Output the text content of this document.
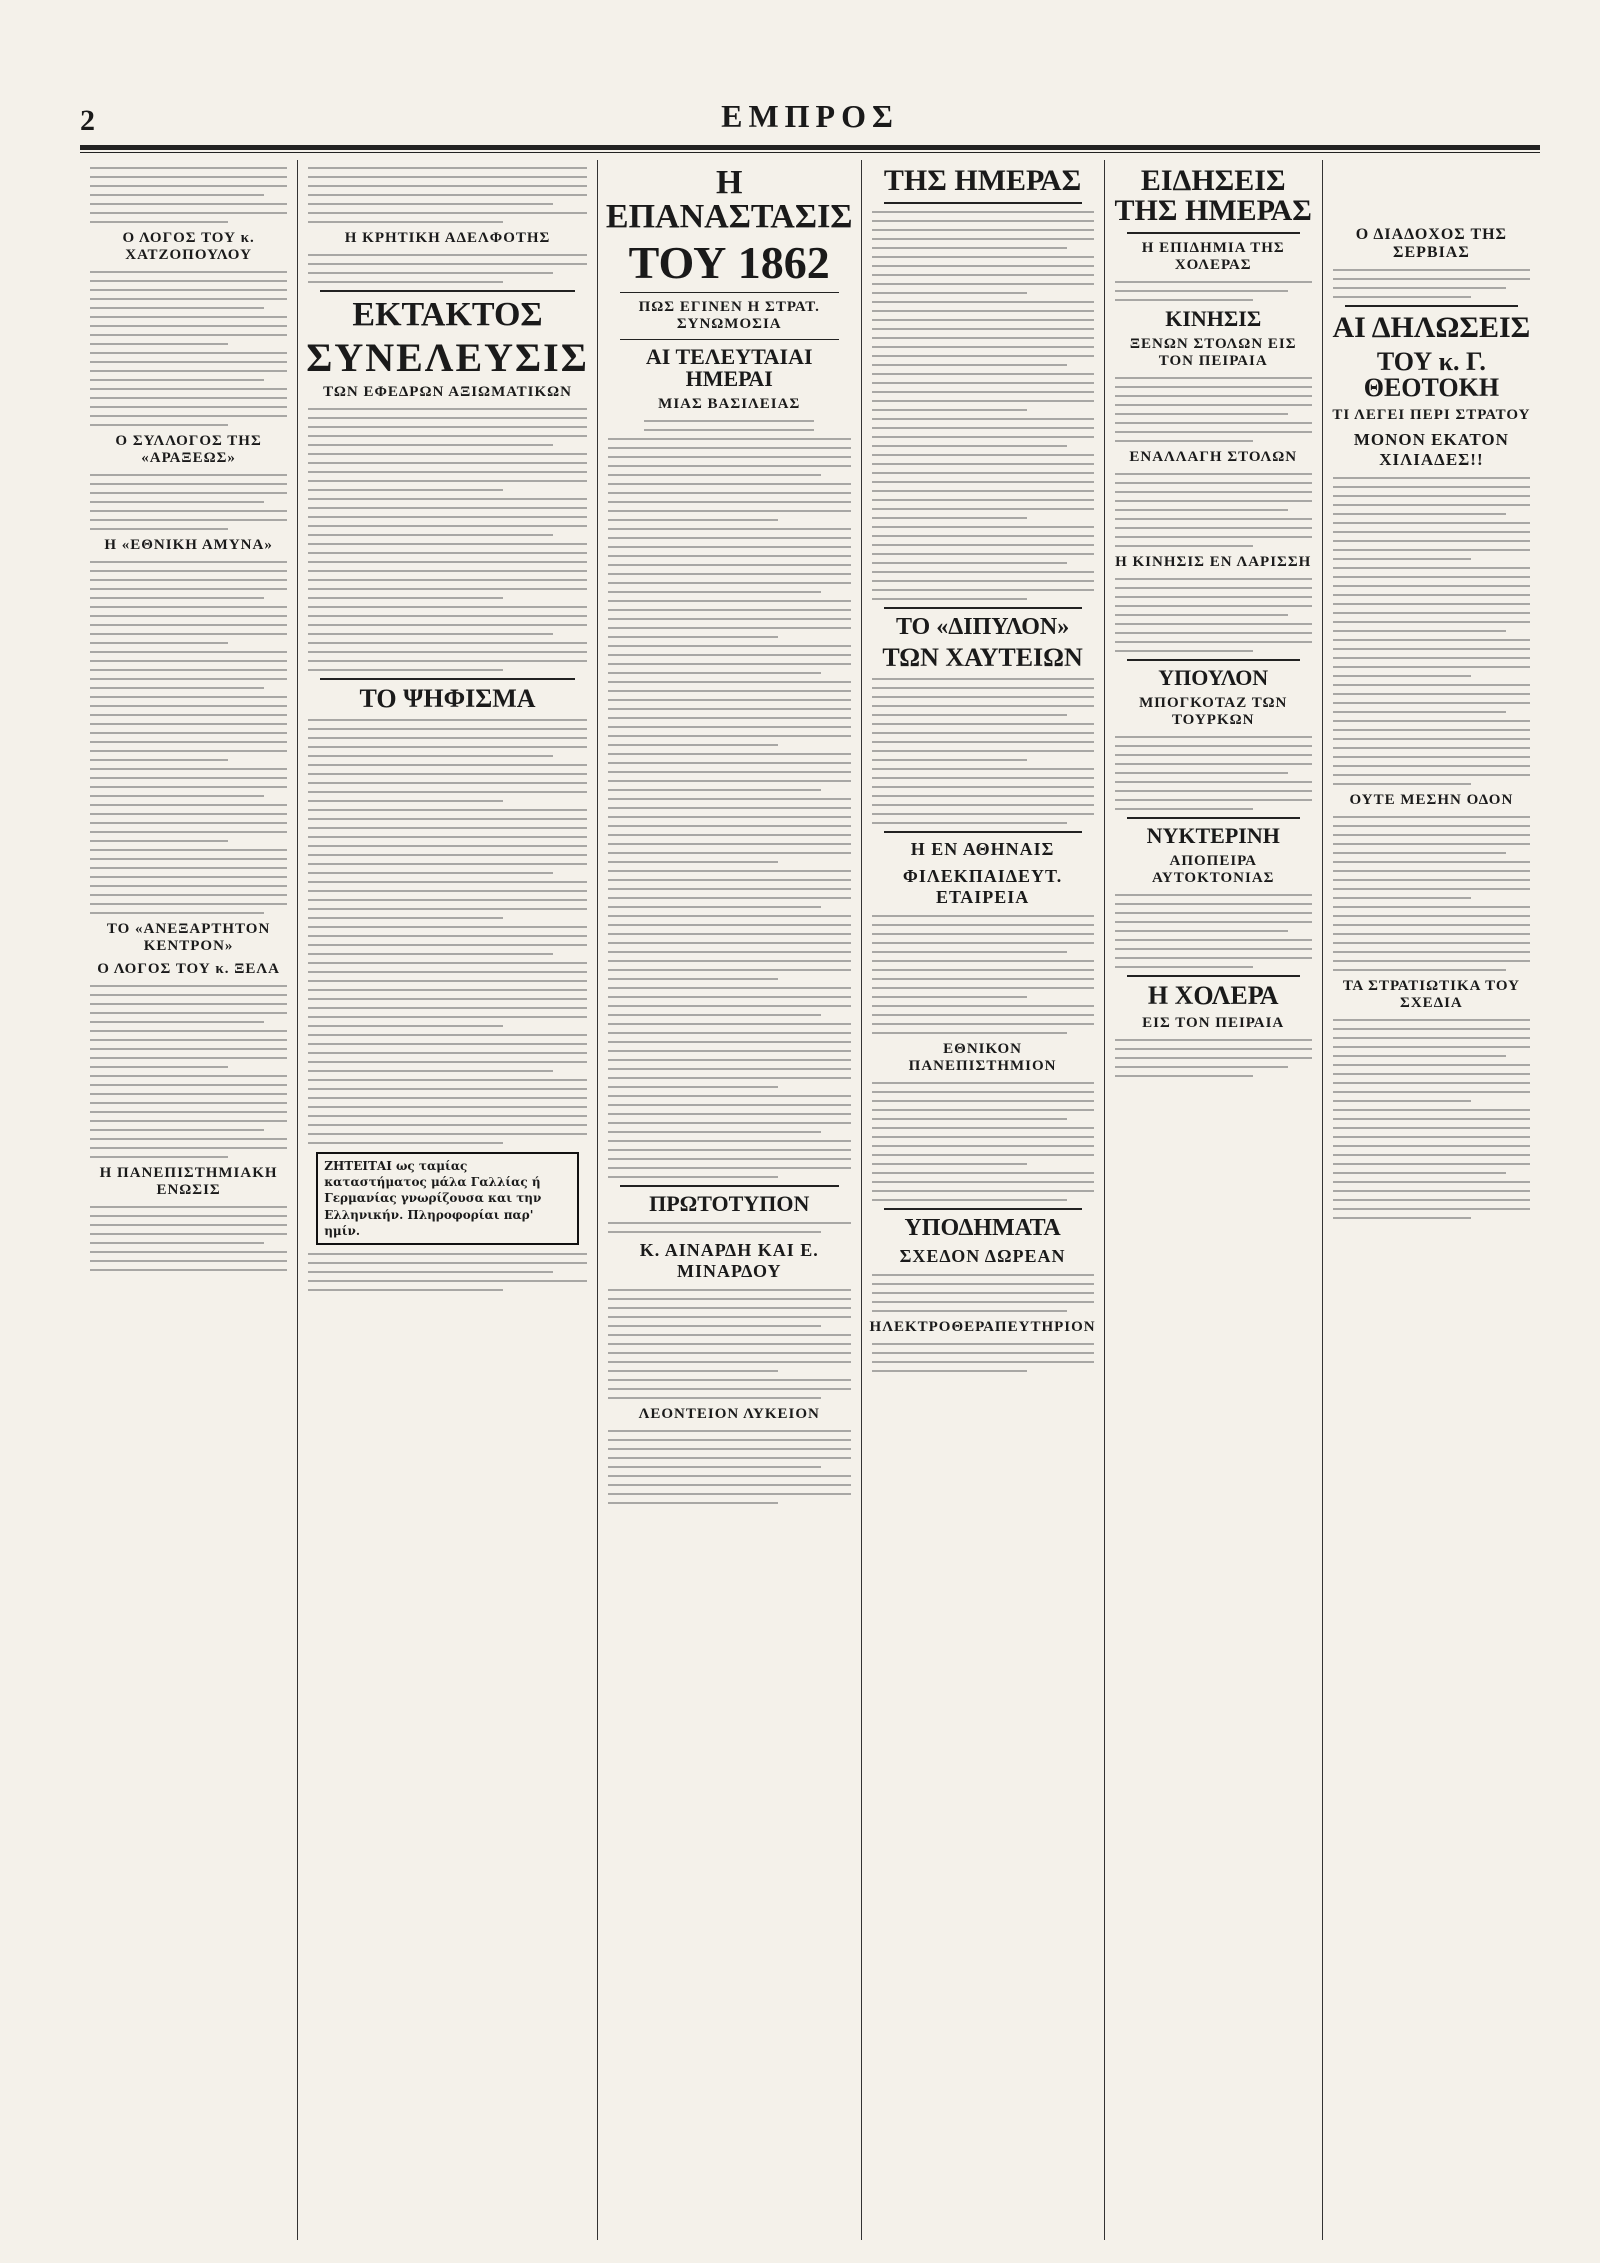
2	ΕΜΠΡΟΣ
Ο ΛΟΓΟΣ ΤΟΥ κ. ΧΑΤΖΟΠΟΥΛΟΥ
Ο ΣΥΛΛΟΓΟΣ ΤΗΣ «ΑΡΑΞΕΩΣ»
Η «ΕΘΝΙΚΗ ΑΜΥΝΑ»
ΤΟ «ΑΝΕΞΑΡΤΗΤΟΝ ΚΕΝΤΡΟΝ»
Ο ΛΟΓΟΣ ΤΟΥ κ. ΞΕΛΑ
Η ΠΑΝΕΠΙΣΤΗΜΙΑΚΗ ΕΝΩΣΙΣ
Η ΚΡΗΤΙΚΗ ΑΔΕΛΦΟΤΗΣ
ΕΚΤΑΚΤΟΣ
ΣΥΝΕΛΕΥΣΙΣ
ΤΩΝ ΕΦΕΔΡΩΝ ΑΞΙΩΜΑΤΙΚΩΝ
ΤΟ ΨΗΦΙΣΜΑ
ΖΗΤΕΙΤΑΙ ως ταμίας καταστήματος μάλα Γαλλίας ή Γερμανίας γνωρίζουσα και την Ελληνικήν. Πληροφορίαι παρ' ημίν.
Η ΕΠΑΝΑΣΤΑΣΙΣ
ΤΟΥ 1862
ΠΩΣ ΕΓΙΝΕΝ Η ΣΤΡΑΤ. ΣΥΝΩΜΟΣΙΑ
ΑΙ ΤΕΛΕΥΤΑΙΑΙ ΗΜΕΡΑΙ
ΜΙΑΣ ΒΑΣΙΛΕΙΑΣ
ΠΡΩΤΟΤΥΠΟΝ
Κ. ΑΙΝΑΡΔΗ ΚΑΙ Ε. ΜΙΝΑΡΔΟΥ
ΛΕΟΝΤΕΙΟΝ ΛΥΚΕΙΟΝ
ΤΗΣ ΗΜΕΡΑΣ
ΤΟ «ΔΙΠΥΛΟΝ»
ΤΩΝ ΧΑΥΤΕΙΩΝ
Η ΕΝ ΑΘΗΝΑΙΣ
ΦΙΛΕΚΠΑΙΔΕΥΤ. ΕΤΑΙΡΕΙΑ
ΕΘΝΙΚΟΝ ΠΑΝΕΠΙΣΤΗΜΙΟΝ
ΥΠΟΔΗΜΑΤΑ
ΣΧΕΔΟΝ ΔΩΡΕΑΝ
ΗΛΕΚΤΡΟΘΕΡΑΠΕΥΤΗΡΙΟΝ
ΕΙΔΗΣΕΙΣ ΤΗΣ ΗΜΕΡΑΣ
Η ΕΠΙΔΗΜΙΑ ΤΗΣ ΧΟΛΕΡΑΣ
ΚΙΝΗΣΙΣ
ΞΕΝΩΝ ΣΤΟΛΩΝ ΕΙΣ ΤΟΝ ΠΕΙΡΑΙΑ
ΕΝΑΛΛΑΓΗ ΣΤΟΛΩΝ
Η ΚΙΝΗΣΙΣ ΕΝ ΛΑΡΙΣΣΗ
ΥΠΟΥΛΟΝ
ΜΠΟΓΚΟΤΑΖ ΤΩΝ ΤΟΥΡΚΩΝ
ΝΥΚΤΕΡΙΝΗ
ΑΠΟΠΕΙΡΑ ΑΥΤΟΚΤΟΝΙΑΣ
Η ΧΟΛΕΡΑ
ΕΙΣ ΤΟΝ ΠΕΙΡΑΙΑ
Ο ΔΙΑΔΟΧΟΣ ΤΗΣ ΣΕΡΒΙΑΣ
ΑΙ ΔΗΛΩΣΕΙΣ
ΤΟΥ κ. Γ. ΘΕΟΤΟΚΗ
ΤΙ ΛΕΓΕΙ ΠΕΡΙ ΣΤΡΑΤΟΥ
ΜΟΝΟΝ ΕΚΑΤΟΝ ΧΙΛΙΑΔΕΣ!!
ΟΥΤΕ ΜΕΣΗΝ ΟΔΟΝ
ΤΑ ΣΤΡΑΤΙΩΤΙΚΑ ΤΟΥ ΣΧΕΔΙΑ
